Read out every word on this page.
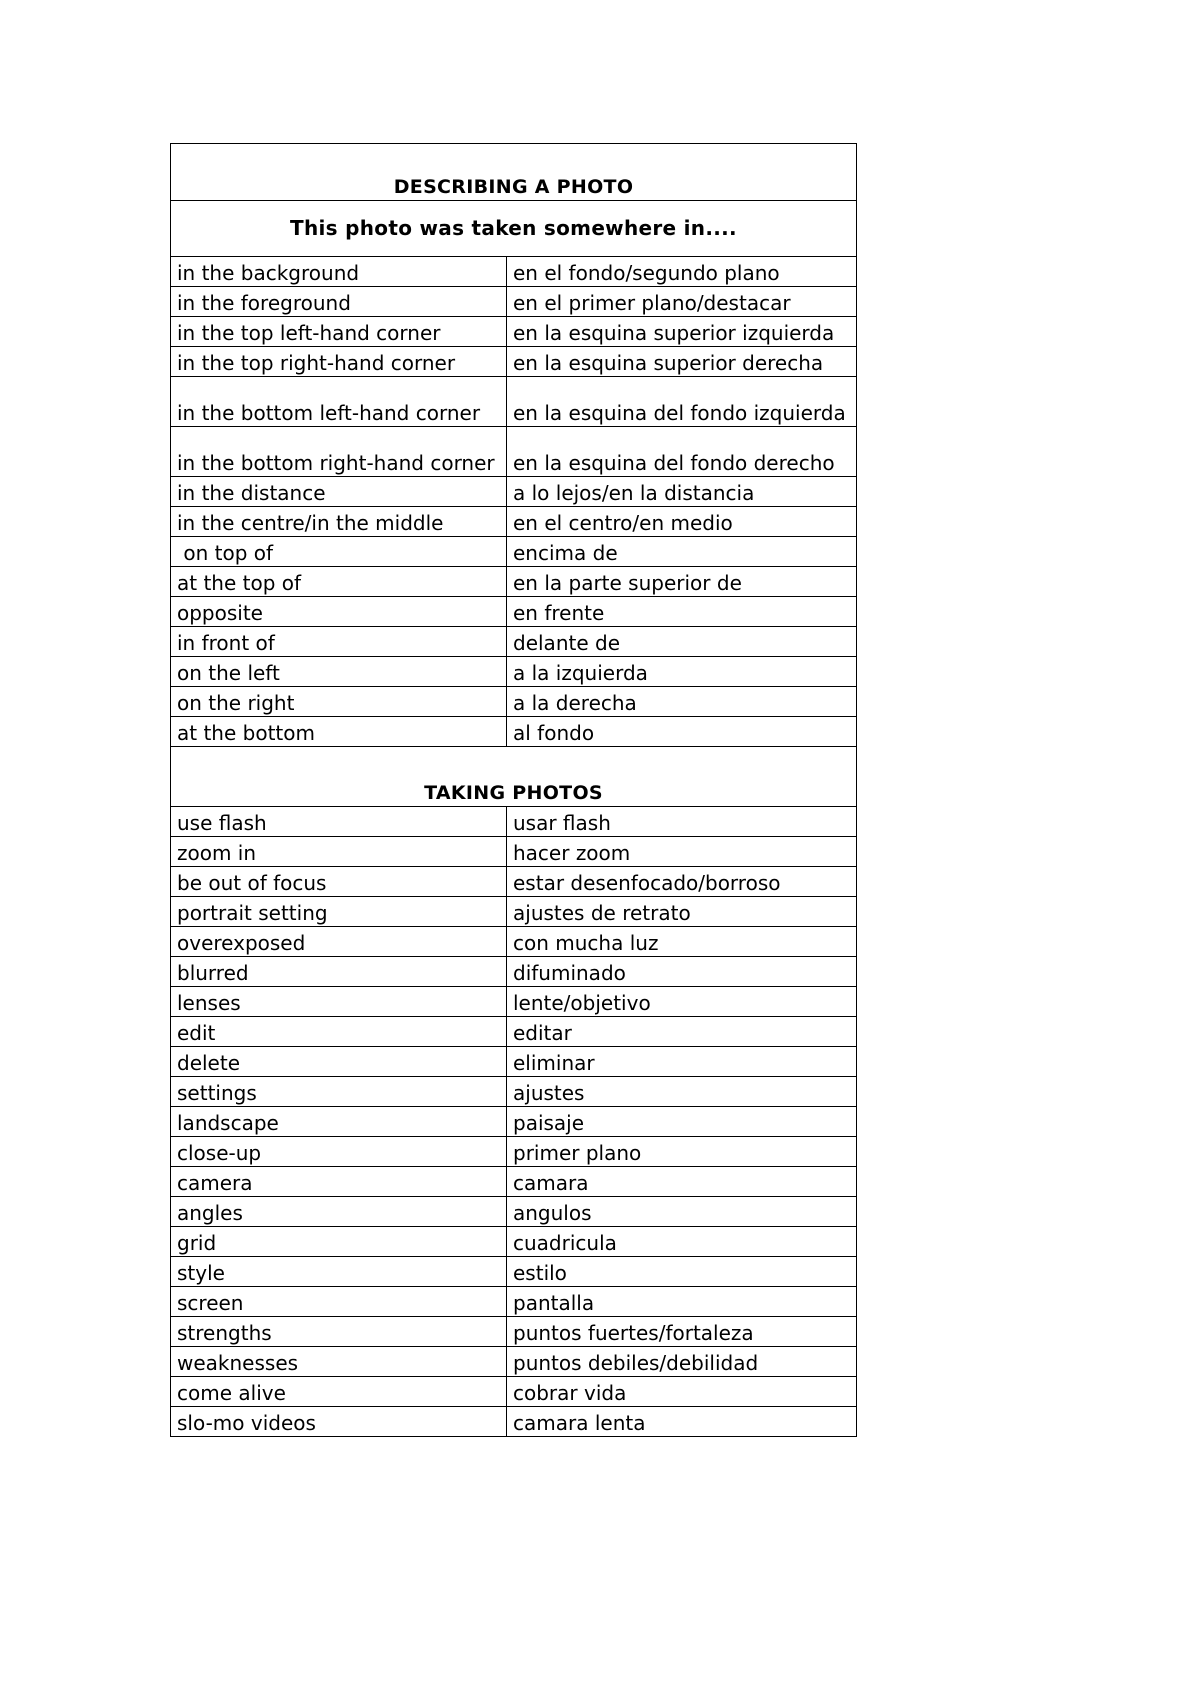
DESCRIBING A PHOTO	
This photo was taken somewhere in....	
in the background	en el fondo/segundo plano
in the foreground	en el primer plano/destacar
in the top left-hand corner	en la esquina superior izquierda
in the top right-hand corner	en la esquina superior derecha
in the bottom left-hand corner	en la esquina del fondo izquierda
in the bottom right-hand corner	en la esquina del fondo derecho
in the distance	a lo lejos/en la distancia
in the centre/in the middle	en el centro/en medio
on top of	encima de
at the top of	en la parte superior de
opposite	en frente
in front of	delante de
on the left	a la izquierda
on the right	a la derecha
at the bottom	al fondo
TAKING PHOTOS	
use flash	usar flash
zoom in	hacer zoom
be out of focus	estar desenfocado/borroso
portrait setting	ajustes de retrato
overexposed	con mucha luz
blurred	difuminado
lenses	lente/objetivo
edit	editar
delete	eliminar
settings	ajustes
landscape	paisaje
close-up	primer plano
camera	camara
angles	angulos
grid	cuadricula
style	estilo
screen	pantalla
strengths	puntos fuertes/fortaleza
weaknesses	puntos debiles/debilidad
come alive	cobrar vida
slo-mo videos	camara lenta
